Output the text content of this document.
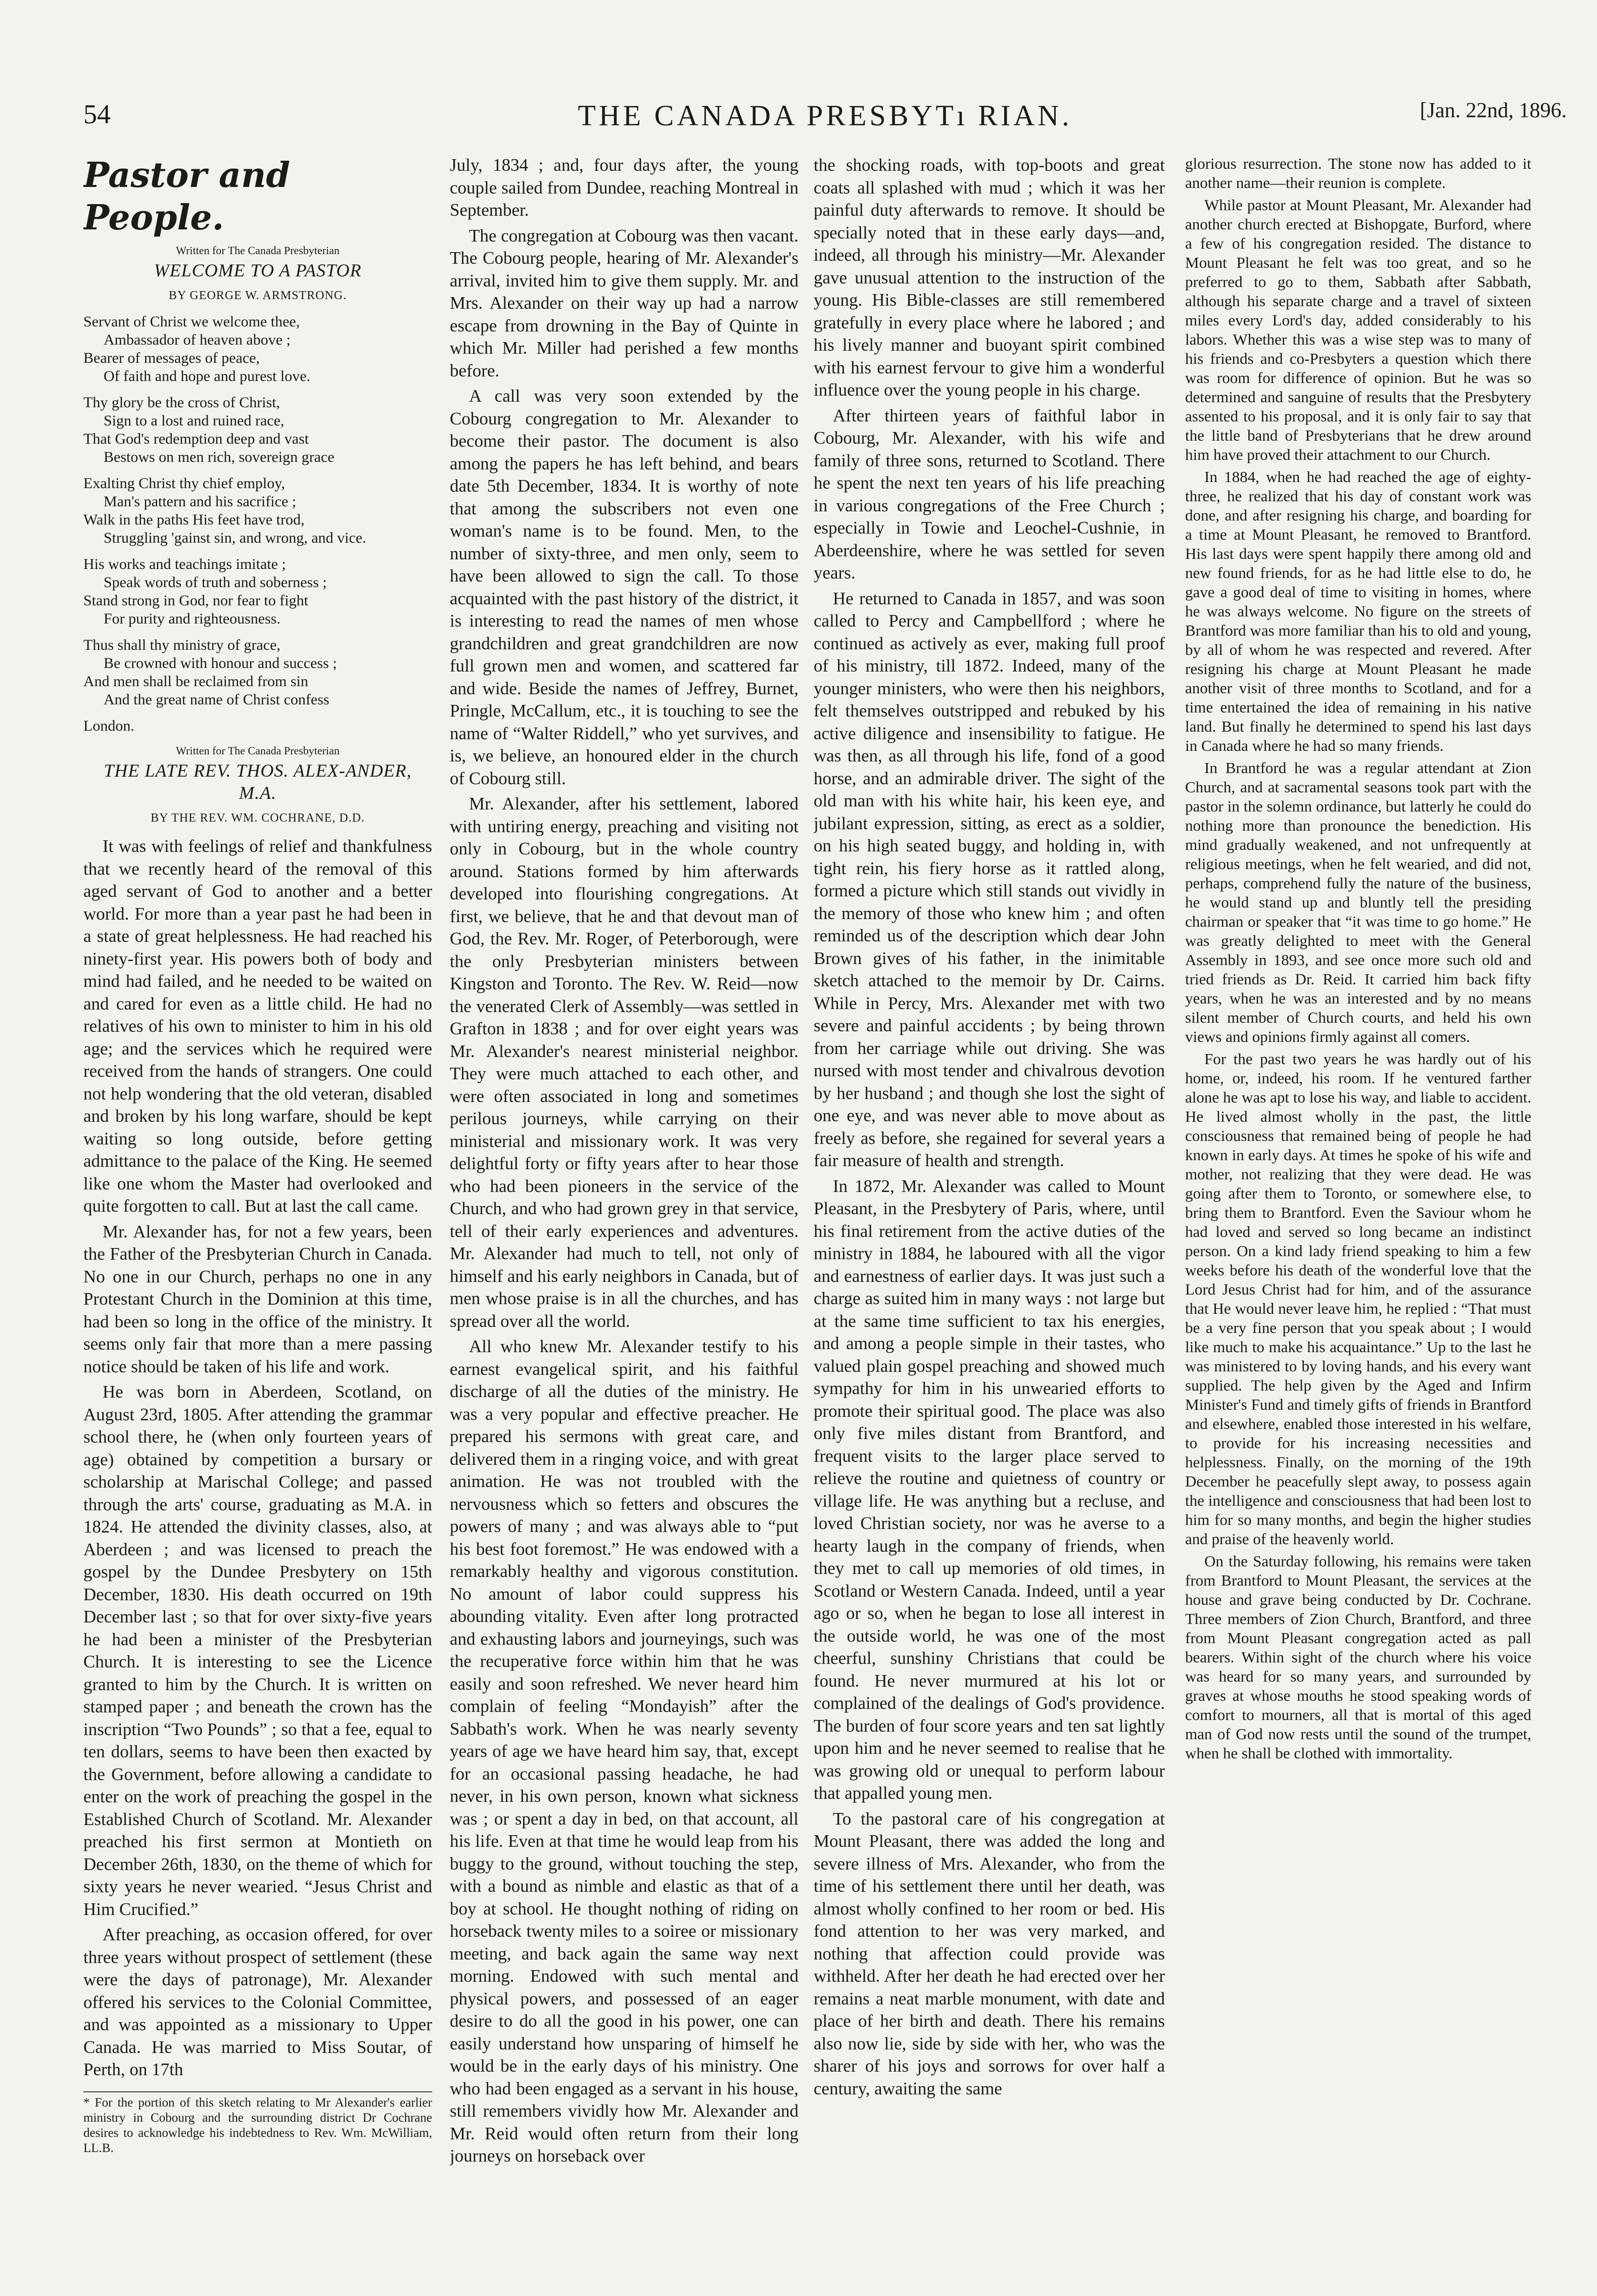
54	THE CANADA PRESBYTı RIAN.	[Jan. 22nd, 1896.
Pastor and People.
Written for The Canada Presbyterian
WELCOME TO A PASTOR
BY GEORGE W. ARMSTRONG.
Servant of Christ we welcome thee,
Ambassador of heaven above ;
Bearer of messages of peace,
Of faith and hope and purest love.
Thy glory be the cross of Christ,
Sign to a lost and ruined race,
That God's redemption deep and vast
Bestows on men rich, sovereign grace
Exalting Christ thy chief employ,
Man's pattern and his sacrifice ;
Walk in the paths His feet have trod,
Struggling 'gainst sin, and wrong, and vice.
His works and teachings imitate ;
Speak words of truth and soberness ;
Stand strong in God, nor fear to fight
For purity and righteousness.
Thus shall thy ministry of grace,
Be crowned with honour and success ;
And men shall be reclaimed from sin
And the great name of Christ confess
London.
Written for The Canada Presbyterian
THE LATE REV. THOS. ALEX-ANDER, M.A.
BY THE REV. WM. COCHRANE, D.D.

It was with feelings of relief and thankfulness that we recently heard of the removal of this aged servant of God to another and a better world. For more than a year past he had been in a state of great helplessness. He had reached his ninety-first year. His powers both of body and mind had failed, and he needed to be waited on and cared for even as a little child. He had no relatives of his own to minister to him in his old age; and the services which he required were received from the hands of strangers. One could not help wondering that the old veteran, disabled and broken by his long warfare, should be kept waiting so long outside, before getting admittance to the palace of the King. He seemed like one whom the Master had overlooked and quite forgotten to call. But at last the call came.

Mr. Alexander has, for not a few years, been the Father of the Presbyterian Church in Canada. No one in our Church, perhaps no one in any Protestant Church in the Dominion at this time, had been so long in the office of the ministry. It seems only fair that more than a mere passing notice should be taken of his life and work.

He was born in Aberdeen, Scotland, on August 23rd, 1805. After attending the grammar school there, he (when only fourteen years of age) obtained by competition a bursary or scholarship at Marischal College; and passed through the arts' course, graduating as M.A. in 1824. He attended the divinity classes, also, at Aberdeen ; and was licensed to preach the gospel by the Dundee Presbytery on 15th December, 1830. His death occurred on 19th December last ; so that for over sixty-five years he had been a minister of the Presbyterian Church. It is interesting to see the Licence granted to him by the Church. It is written on stamped paper ; and beneath the crown has the inscription “Two Pounds” ; so that a fee, equal to ten dollars, seems to have been then exacted by the Government, before allowing a candidate to enter on the work of preaching the gospel in the Established Church of Scotland. Mr. Alexander preached his first sermon at Montieth on December 26th, 1830, on the theme of which for sixty years he never wearied. “Jesus Christ and Him Crucified.”

After preaching, as occasion offered, for over three years without prospect of settlement (these were the days of patronage), Mr. Alexander offered his services to the Colonial Committee, and was appointed as a missionary to Upper Canada. He was married to Miss Soutar, of Perth, on 17th

* For the portion of this sketch relating to Mr Alexander's earlier ministry in Cobourg and the surrounding district Dr Cochrane desires to acknowledge his indebtedness to Rev. Wm. McWilliam, LL.B.

July, 1834 ; and, four days after, the young couple sailed from Dundee, reaching Montreal in September.

The congregation at Cobourg was then vacant. The Cobourg people, hearing of Mr. Alexander's arrival, invited him to give them supply. Mr. and Mrs. Alexander on their way up had a narrow escape from drowning in the Bay of Quinte in which Mr. Miller had perished a few months before.

A call was very soon extended by the Cobourg congregation to Mr. Alexander to become their pastor. The document is also among the papers he has left behind, and bears date 5th December, 1834. It is worthy of note that among the subscribers not even one woman's name is to be found. Men, to the number of sixty-three, and men only, seem to have been allowed to sign the call. To those acquainted with the past history of the district, it is interesting to read the names of men whose grandchildren and great grandchildren are now full grown men and women, and scattered far and wide. Beside the names of Jeffrey, Burnet, Pringle, McCallum, etc., it is touching to see the name of “Walter Riddell,” who yet survives, and is, we believe, an honoured elder in the church of Cobourg still.

Mr. Alexander, after his settlement, labored with untiring energy, preaching and visiting not only in Cobourg, but in the whole country around. Stations formed by him afterwards developed into flourishing congregations. At first, we believe, that he and that devout man of God, the Rev. Mr. Roger, of Peterborough, were the only Presbyterian ministers between Kingston and Toronto. The Rev. W. Reid—now the venerated Clerk of Assembly—was settled in Grafton in 1838 ; and for over eight years was Mr. Alexander's nearest ministerial neighbor. They were much attached to each other, and were often associated in long and sometimes perilous journeys, while carrying on their ministerial and missionary work. It was very delightful forty or fifty years after to hear those who had been pioneers in the service of the Church, and who had grown grey in that service, tell of their early experiences and adventures. Mr. Alexander had much to tell, not only of himself and his early neighbors in Canada, but of men whose praise is in all the churches, and has spread over all the world.

All who knew Mr. Alexander testify to his earnest evangelical spirit, and his faithful discharge of all the duties of the ministry. He was a very popular and effective preacher. He prepared his sermons with great care, and delivered them in a ringing voice, and with great animation. He was not troubled with the nervousness which so fetters and obscures the powers of many ; and was always able to “put his best foot foremost.” He was endowed with a remarkably healthy and vigorous constitution. No amount of labor could suppress his abounding vitality. Even after long protracted and exhausting labors and journeyings, such was the recuperative force within him that he was easily and soon refreshed. We never heard him complain of feeling “Mondayish” after the Sabbath's work. When he was nearly seventy years of age we have heard him say, that, except for an occasional passing headache, he had never, in his own person, known what sickness was ; or spent a day in bed, on that account, all his life. Even at that time he would leap from his buggy to the ground, without touching the step, with a bound as nimble and elastic as that of a boy at school. He thought nothing of riding on horseback twenty miles to a soiree or missionary meeting, and back again the same way next morning. Endowed with such mental and physical powers, and possessed of an eager desire to do all the good in his power, one can easily understand how unsparing of himself he would be in the early days of his ministry. One who had been engaged as a servant in his house, still remembers vividly how Mr. Alexander and Mr. Reid would often return from their long journeys on horseback over

the shocking roads, with top-boots and great coats all splashed with mud ; which it was her painful duty afterwards to remove. It should be specially noted that in these early days—and, indeed, all through his ministry—Mr. Alexander gave unusual attention to the instruction of the young. His Bible-classes are still remembered gratefully in every place where he labored ; and his lively manner and buoyant spirit combined with his earnest fervour to give him a wonderful influence over the young people in his charge.

After thirteen years of faithful labor in Cobourg, Mr. Alexander, with his wife and family of three sons, returned to Scotland. There he spent the next ten years of his life preaching in various congregations of the Free Church ; especially in Towie and Leochel-Cushnie, in Aberdeenshire, where he was settled for seven years.

He returned to Canada in 1857, and was soon called to Percy and Campbellford ; where he continued as actively as ever, making full proof of his ministry, till 1872. Indeed, many of the younger ministers, who were then his neighbors, felt themselves outstripped and rebuked by his active diligence and insensibility to fatigue. He was then, as all through his life, fond of a good horse, and an admirable driver. The sight of the old man with his white hair, his keen eye, and jubilant expression, sitting, as erect as a soldier, on his high seated buggy, and holding in, with tight rein, his fiery horse as it rattled along, formed a picture which still stands out vividly in the memory of those who knew him ; and often reminded us of the description which dear John Brown gives of his father, in the inimitable sketch attached to the memoir by Dr. Cairns. While in Percy, Mrs. Alexander met with two severe and painful accidents ; by being thrown from her carriage while out driving. She was nursed with most tender and chivalrous devotion by her husband ; and though she lost the sight of one eye, and was never able to move about as freely as before, she regained for several years a fair measure of health and strength.

In 1872, Mr. Alexander was called to Mount Pleasant, in the Presbytery of Paris, where, until his final retirement from the active duties of the ministry in 1884, he laboured with all the vigor and earnestness of earlier days. It was just such a charge as suited him in many ways : not large but at the same time sufficient to tax his energies, and among a people simple in their tastes, who valued plain gospel preaching and showed much sympathy for him in his unwearied efforts to promote their spiritual good. The place was also only five miles distant from Brantford, and frequent visits to the larger place served to relieve the routine and quietness of country or village life. He was anything but a recluse, and loved Christian society, nor was he averse to a hearty laugh in the company of friends, when they met to call up memories of old times, in Scotland or Western Canada. Indeed, until a year ago or so, when he began to lose all interest in the outside world, he was one of the most cheerful, sunshiny Christians that could be found. He never murmured at his lot or complained of the dealings of God's providence. The burden of four score years and ten sat lightly upon him and he never seemed to realise that he was growing old or unequal to perform labour that appalled young men.

To the pastoral care of his congregation at Mount Pleasant, there was added the long and severe illness of Mrs. Alexander, who from the time of his settlement there until her death, was almost wholly confined to her room or bed. His fond attention to her was very marked, and nothing that affection could provide was withheld. After her death he had erected over her remains a neat marble monument, with date and place of her birth and death. There his remains also now lie, side by side with her, who was the sharer of his joys and sorrows for over half a century, awaiting the same

glorious resurrection. The stone now has added to it another name—their reunion is complete.

While pastor at Mount Pleasant, Mr. Alexander had another church erected at Bishopgate, Burford, where a few of his congregation resided. The distance to Mount Pleasant he felt was too great, and so he preferred to go to them, Sabbath after Sabbath, although his separate charge and a travel of sixteen miles every Lord's day, added considerably to his labors. Whether this was a wise step was to many of his friends and co-Presbyters a question which there was room for difference of opinion. But he was so determined and sanguine of results that the Presbytery assented to his proposal, and it is only fair to say that the little band of Presbyterians that he drew around him have proved their attachment to our Church.

In 1884, when he had reached the age of eighty-three, he realized that his day of constant work was done, and after resigning his charge, and boarding for a time at Mount Pleasant, he removed to Brantford. His last days were spent happily there among old and new found friends, for as he had little else to do, he gave a good deal of time to visiting in homes, where he was always welcome. No figure on the streets of Brantford was more familiar than his to old and young, by all of whom he was respected and revered. After resigning his charge at Mount Pleasant he made another visit of three months to Scotland, and for a time entertained the idea of remaining in his native land. But finally he determined to spend his last days in Canada where he had so many friends.

In Brantford he was a regular attendant at Zion Church, and at sacramental seasons took part with the pastor in the solemn ordinance, but latterly he could do nothing more than pronounce the benediction. His mind gradually weakened, and not unfrequently at religious meetings, when he felt wearied, and did not, perhaps, comprehend fully the nature of the business, he would stand up and bluntly tell the presiding chairman or speaker that “it was time to go home.” He was greatly delighted to meet with the General Assembly in 1893, and see once more such old and tried friends as Dr. Reid. It carried him back fifty years, when he was an interested and by no means silent member of Church courts, and held his own views and opinions firmly against all comers.

For the past two years he was hardly out of his home, or, indeed, his room. If he ventured farther alone he was apt to lose his way, and liable to accident. He lived almost wholly in the past, the little consciousness that remained being of people he had known in early days. At times he spoke of his wife and mother, not realizing that they were dead. He was going after them to Toronto, or somewhere else, to bring them to Brantford. Even the Saviour whom he had loved and served so long became an indistinct person. On a kind lady friend speaking to him a few weeks before his death of the wonderful love that the Lord Jesus Christ had for him, and of the assurance that He would never leave him, he replied : “That must be a very fine person that you speak about ; I would like much to make his acquaintance.” Up to the last he was ministered to by loving hands, and his every want supplied. The help given by the Aged and Infirm Minister's Fund and timely gifts of friends in Brantford and elsewhere, enabled those interested in his welfare, to provide for his increasing necessities and helplessness. Finally, on the morning of the 19th December he peacefully slept away, to possess again the intelligence and consciousness that had been lost to him for so many months, and begin the higher studies and praise of the heavenly world.

On the Saturday following, his remains were taken from Brantford to Mount Pleasant, the services at the house and grave being conducted by Dr. Cochrane. Three members of Zion Church, Brantford, and three from Mount Pleasant congregation acted as pall bearers. Within sight of the church where his voice was heard for so many years, and surrounded by graves at whose mouths he stood speaking words of comfort to mourners, all that is mortal of this aged man of God now rests until the sound of the trumpet, when he shall be clothed with immortality.
